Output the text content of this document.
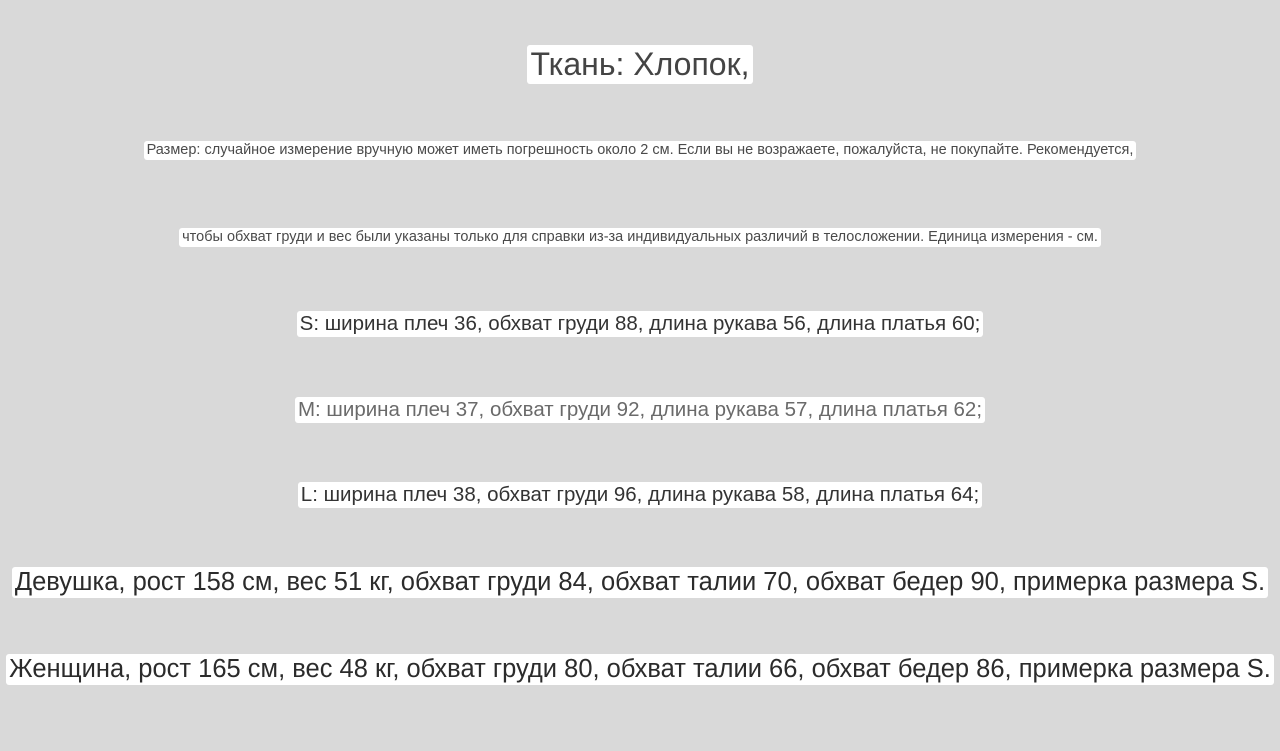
Ткань: Хлопок,
Размер: случайное измерение вручную может иметь погрешность около 2 см. Если вы не возражаете, пожалуйста, не покупайте. Рекомендуется,
чтобы обхват груди и вес были указаны только для справки из-за индивидуальных различий в телосложении. Единица измерения - см.
S: ширина плеч 36, обхват груди 88, длина рукава 56, длина платья 60;
M: ширина плеч 37, обхват груди 92, длина рукава 57, длина платья 62;
L: ширина плеч 38, обхват груди 96, длина рукава 58, длина платья 64;
Девушка, рост 158 см, вес 51 кг, обхват груди 84, обхват талии 70, обхват бедер 90, примерка размера S.
Женщина, рост 165 см, вес 48 кг, обхват груди 80, обхват талии 66, обхват бедер 86, примерка размера S.
